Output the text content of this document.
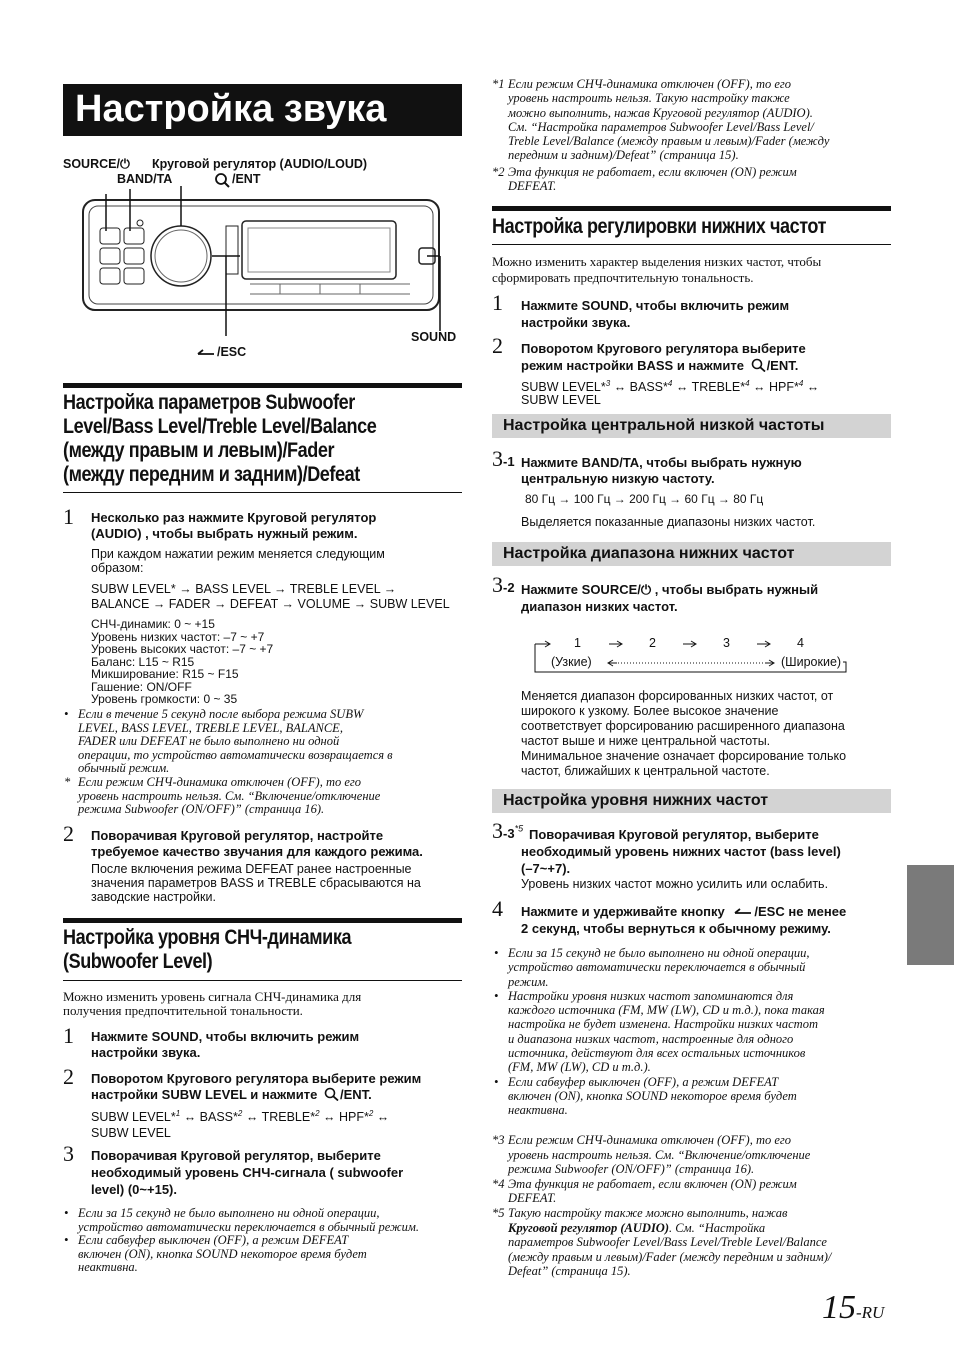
Настройка звука
SOURCE/⏻ Круговой регулятор (AUDIO/LOUD)
BAND/TA	/ENT
SOUND
/ESC
Настройка параметров Subwoofer
Level/Bass Level/Treble Level/Balance
(между правым и левым)/Fader
(между передним и задним)/Defeat
1 Несколько раз нажмите Круговой регулятор
(AUDIO) , чтобы выбрать нужный режим.
При каждом нажатии режим меняется следующим
образом:
SUBW LEVEL* → BASS LEVEL → TREBLE LEVEL →
BALANCE → FADER → DEFEAT → VOLUME → SUBW LEVEL
СНЧ-динамик: 0 ~ +15
Уровень низких частот: –7 ~ +7
Уровень высоких частот: –7 ~ +7
Баланс: L15 ~ R15
Микширование: R15 ~ F15
Гашение: ON/OFF
Уровень громкости: 0 ~ 35
• Если в течение 5 секунд после выбора режима SUBW
LEVEL, BASS LEVEL, TREBLE LEVEL, BALANCE,
FADER или DEFEAT не было выполнено ни одной
операции, то устройство автоматически возвращается в
обычный режим.
* Если режим СНЧ-динамика отключен (OFF), то его
уровень настроить нельзя. См. “Включение/отключение
режима Subwoofer (ON/OFF)” (страница 16).
2 Поворачивая Круговой регулятор, настройте
требуемое качество звучания для каждого режима.
После включения режима DEFEAT ранее настроенные
значения параметров BASS и TREBLE сбрасываются на
заводские настройки.
Настройка уровня СНЧ-динамика
(Subwoofer Level)
Можно изменить уровень сигнала СНЧ-динамика для
получения предпочтительной тональности.
1 Нажмите SOUND, чтобы включить режим
настройки звука.
2 Поворотом Кругового регулятора выберите режим
настройки SUBW LEVEL и нажмите /ENT.
SUBW LEVEL*$^1$ ↔ BASS*$^2$ ↔ TREBLE*$^2$ ↔ HPF*$^2$ ↔
SUBW LEVEL
3 Поворачивая Круговой регулятор, выберите
необходимый уровень СНЧ-сигнала ( subwoofer
level) (0~+15).
• Если за 15 секунд не было выполнено ни одной операции,
устройство автоматически переключается в обычный режим.
• Если сабвуфер выключен (OFF), а режим DEFEAT
включен (ON), кнопка SOUND некоторое время будет
неактивна.
*1 Если режим СНЧ-динамика отключен (OFF), то его
уровень настроить нельзя. Такую настройку также
можно выполнить, нажав Круговой регулятор (AUDIO).
См. “Настройка параметров Subwoofer Level/Bass Level/
Treble Level/Balance (между правым и левым)/Fader (между
передним и задним)/Defeat” (страница 15).
*2 Эта функция не работает, если включен (ON) режим
DEFEAT.
Настройка регулировки нижних частот
Можно изменить характер выделения низких частот, чтобы
сформировать предпочтительную тональность.
1 Нажмите SOUND, чтобы включить режим
настройки звука.
2 Поворотом Кругового регулятора выберите
режим настройки BASS и нажмите /ENT.
SUBW LEVEL*$^3$ ↔ BASS*$^4$ ↔ TREBLE*$^4$ ↔ HPF*$^4$ ↔
SUBW LEVEL
Настройка центральной низкой частоты
3-1 Нажмите BAND/TA, чтобы выбрать нужную
центральную низкую частоту.
80 Гц → 100 Гц → 200 Гц → 60 Гц → 80 Гц
Выделяется показанные диапазоны низких частот.
Настройка диапазона нижних частот
3-2 Нажмите SOURCE/⏻ , чтобы выбрать нужный
диапазон низких частот.
1	2	3	4
(Узкие)	(Широкие)
Меняется диапазон форсированных низких частот, от
широкого к узкому. Более высокое значение
соответствует форсированию расширенного диапазона
частот выше и ниже центральной частоты.
Минимальное значение означает форсирование только
частот, ближайших к центральной частоте.
Настройка уровня нижних частот
3-3$^{*5}$ Поворачивая Круговой регулятор, выберите
необходимый уровень нижних частот (bass level)
(–7~+7).
Уровень низких частот можно усилить или ослабить.
4 Нажмите и удерживайте кнопку /ESC не менее
2 секунд, чтобы вернуться к обычному режиму.
• Если за 15 секунд не было выполнено ни одной операции,
устройство автоматически переключается в обычный
режим.
• Настройки уровня низких частот запоминаются для
каждого источника (FM, MW (LW), CD и т.д.), пока такая
настройка не будет изменена. Настройки низких частот
и диапазона низких частот, настроенные для одного
источника, действуют для всех остальных источников
(FM, MW (LW), CD и т.д.).
• Если сабвуфер выключен (OFF), а режим DEFEAT
включен (ON), кнопка SOUND некоторое время будет
неактивна.
*3 Если режим СНЧ-динамика отключен (OFF), то его
уровень настроить нельзя. См. “Включение/отключение
режима Subwoofer (ON/OFF)” (страница 16).
*4 Эта функция не работает, если включен (ON) режим
DEFEAT.
*5 Такую настройку также можно выполнить, нажав
Круговой регулятор (AUDIO). См. “Настройка
параметров Subwoofer Level/Bass Level/Treble Level/Balance
(между правым и левым)/Fader (между передним и задним)/
Defeat” (страница 15).
15-RU
